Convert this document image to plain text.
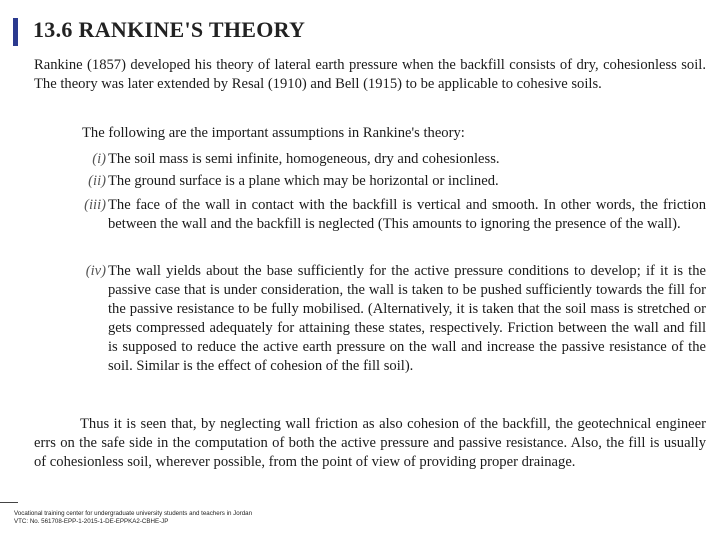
13.6 RANKINE'S THEORY
Rankine (1857) developed his theory of lateral earth pressure when the backfill consists of dry, cohesionless soil. The theory was later extended by Resal (1910) and Bell (1915) to be applicable to cohesive soils.
The following are the important assumptions in Rankine's theory:
(i) The soil mass is semi infinite, homogeneous, dry and cohesionless.
(ii) The ground surface is a plane which may be horizontal or inclined.
(iii) The face of the wall in contact with the backfill is vertical and smooth. In other words, the friction between the wall and the backfill is neglected (This amounts to ignoring the presence of the wall).
(iv) The wall yields about the base sufficiently for the active pressure conditions to develop; if it is the passive case that is under consideration, the wall is taken to be pushed sufficiently towards the fill for the passive resistance to be fully mobilised. (Alternatively, it is taken that the soil mass is stretched or gets compressed adequately for attaining these states, respectively. Friction between the wall and fill is supposed to reduce the active earth pressure on the wall and increase the passive resistance of the soil. Similar is the effect of cohesion of the fill soil).
Thus it is seen that, by neglecting wall friction as also cohesion of the backfill, the geotechnical engineer errs on the safe side in the computation of both the active pressure and passive resistance. Also, the fill is usually of cohesionless soil, wherever possible, from the point of view of providing proper drainage.
Vocational training center for undergraduate university students and teachers in Jordan
VTC: No. 561708-EPP-1-2015-1-DE-EPPKA2-CBHE-JP
